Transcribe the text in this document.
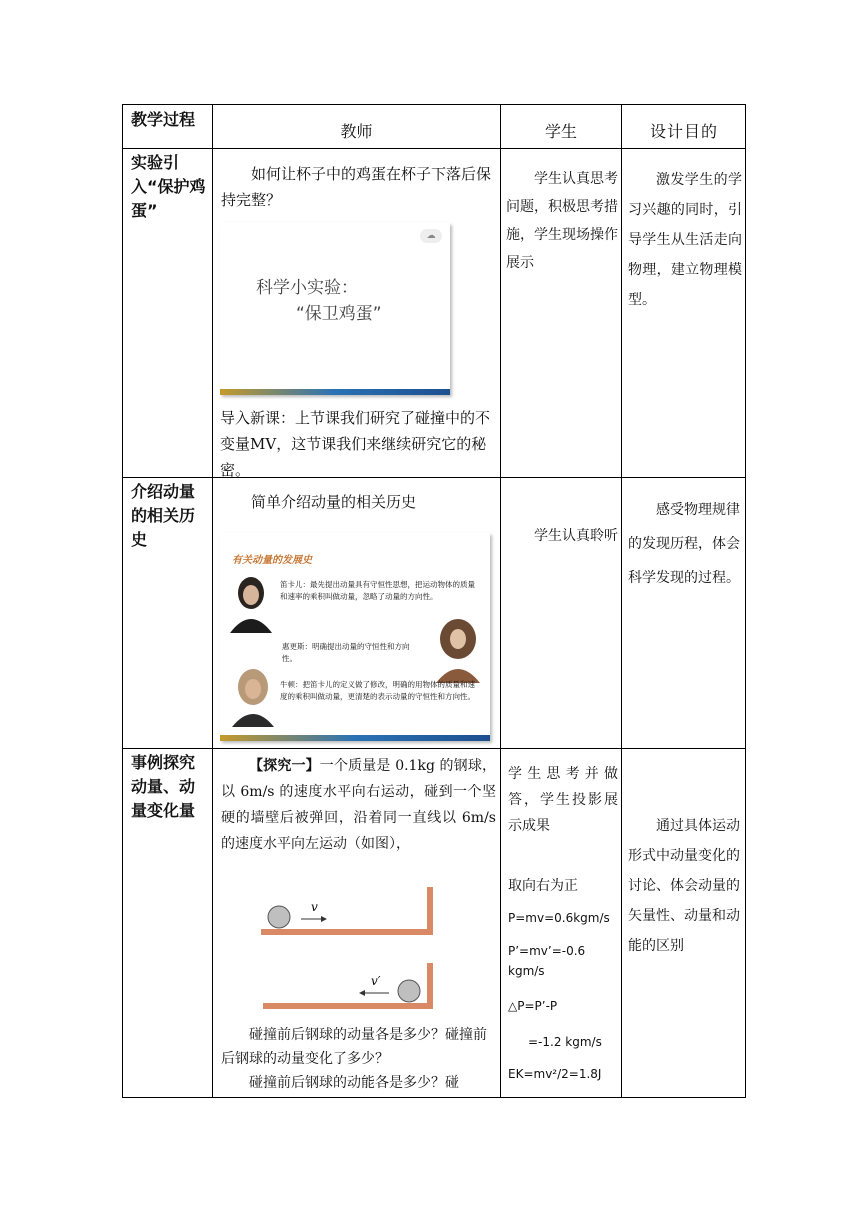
教学过程
教师	学生	设计目的
实验引入“保护鸡蛋”
如何让杯子中的鸡蛋在杯子下落后保持完整？
☁
科学小实验：
“保卫鸡蛋”
导入新课：上节课我们研究了碰撞中的不变量MV，这节课我们来继续研究它的秘密。
学生认真思考问题，积极思考措施，学生现场操作展示
激发学生的学习兴趣的同时，引导学生从生活走向物理，建立物理模型。
介绍动量的相关历史
简单介绍动量的相关历史
有关动量的发展史
笛卡儿：最先提出动量具有守恒性思想，把运动物体的质量和速率的乘积叫做动量，忽略了动量的方向性。
惠更斯：明确提出动量的守恒性和方向性。
牛顿：把笛卡儿的定义做了修改，明确的用物体的质量和速度的乘积叫做动量，更清楚的表示动量的守恒性和方向性。
学生认真聆听
感受物理规律的发现历程，体会科学发现的过程。
事例探究动量、动量变化量
【探究一】一个质量是 0.1kg 的钢球，以 6m/s 的速度水平向右运动，碰到一个坚硬的墙壁后被弹回，沿着同一直线以 6m/s 的速度水平向左运动（如图），
v
v′
碰撞前后钢球的动量各是多少？碰撞前后钢球的动量变化了多少？
碰撞前后钢球的动能各是多少？碰
学生思考并做答，学生投影展示成果
取向右为正
P=mv=0.6kgm/s
P’=mv’=-0.6 kgm/s
△P=P’-P
=-1.2 kgm/s
EK=mv²/2=1.8J
通过具体运动形式中动量变化的讨论、体会动量的矢量性、动量和动能的区别
